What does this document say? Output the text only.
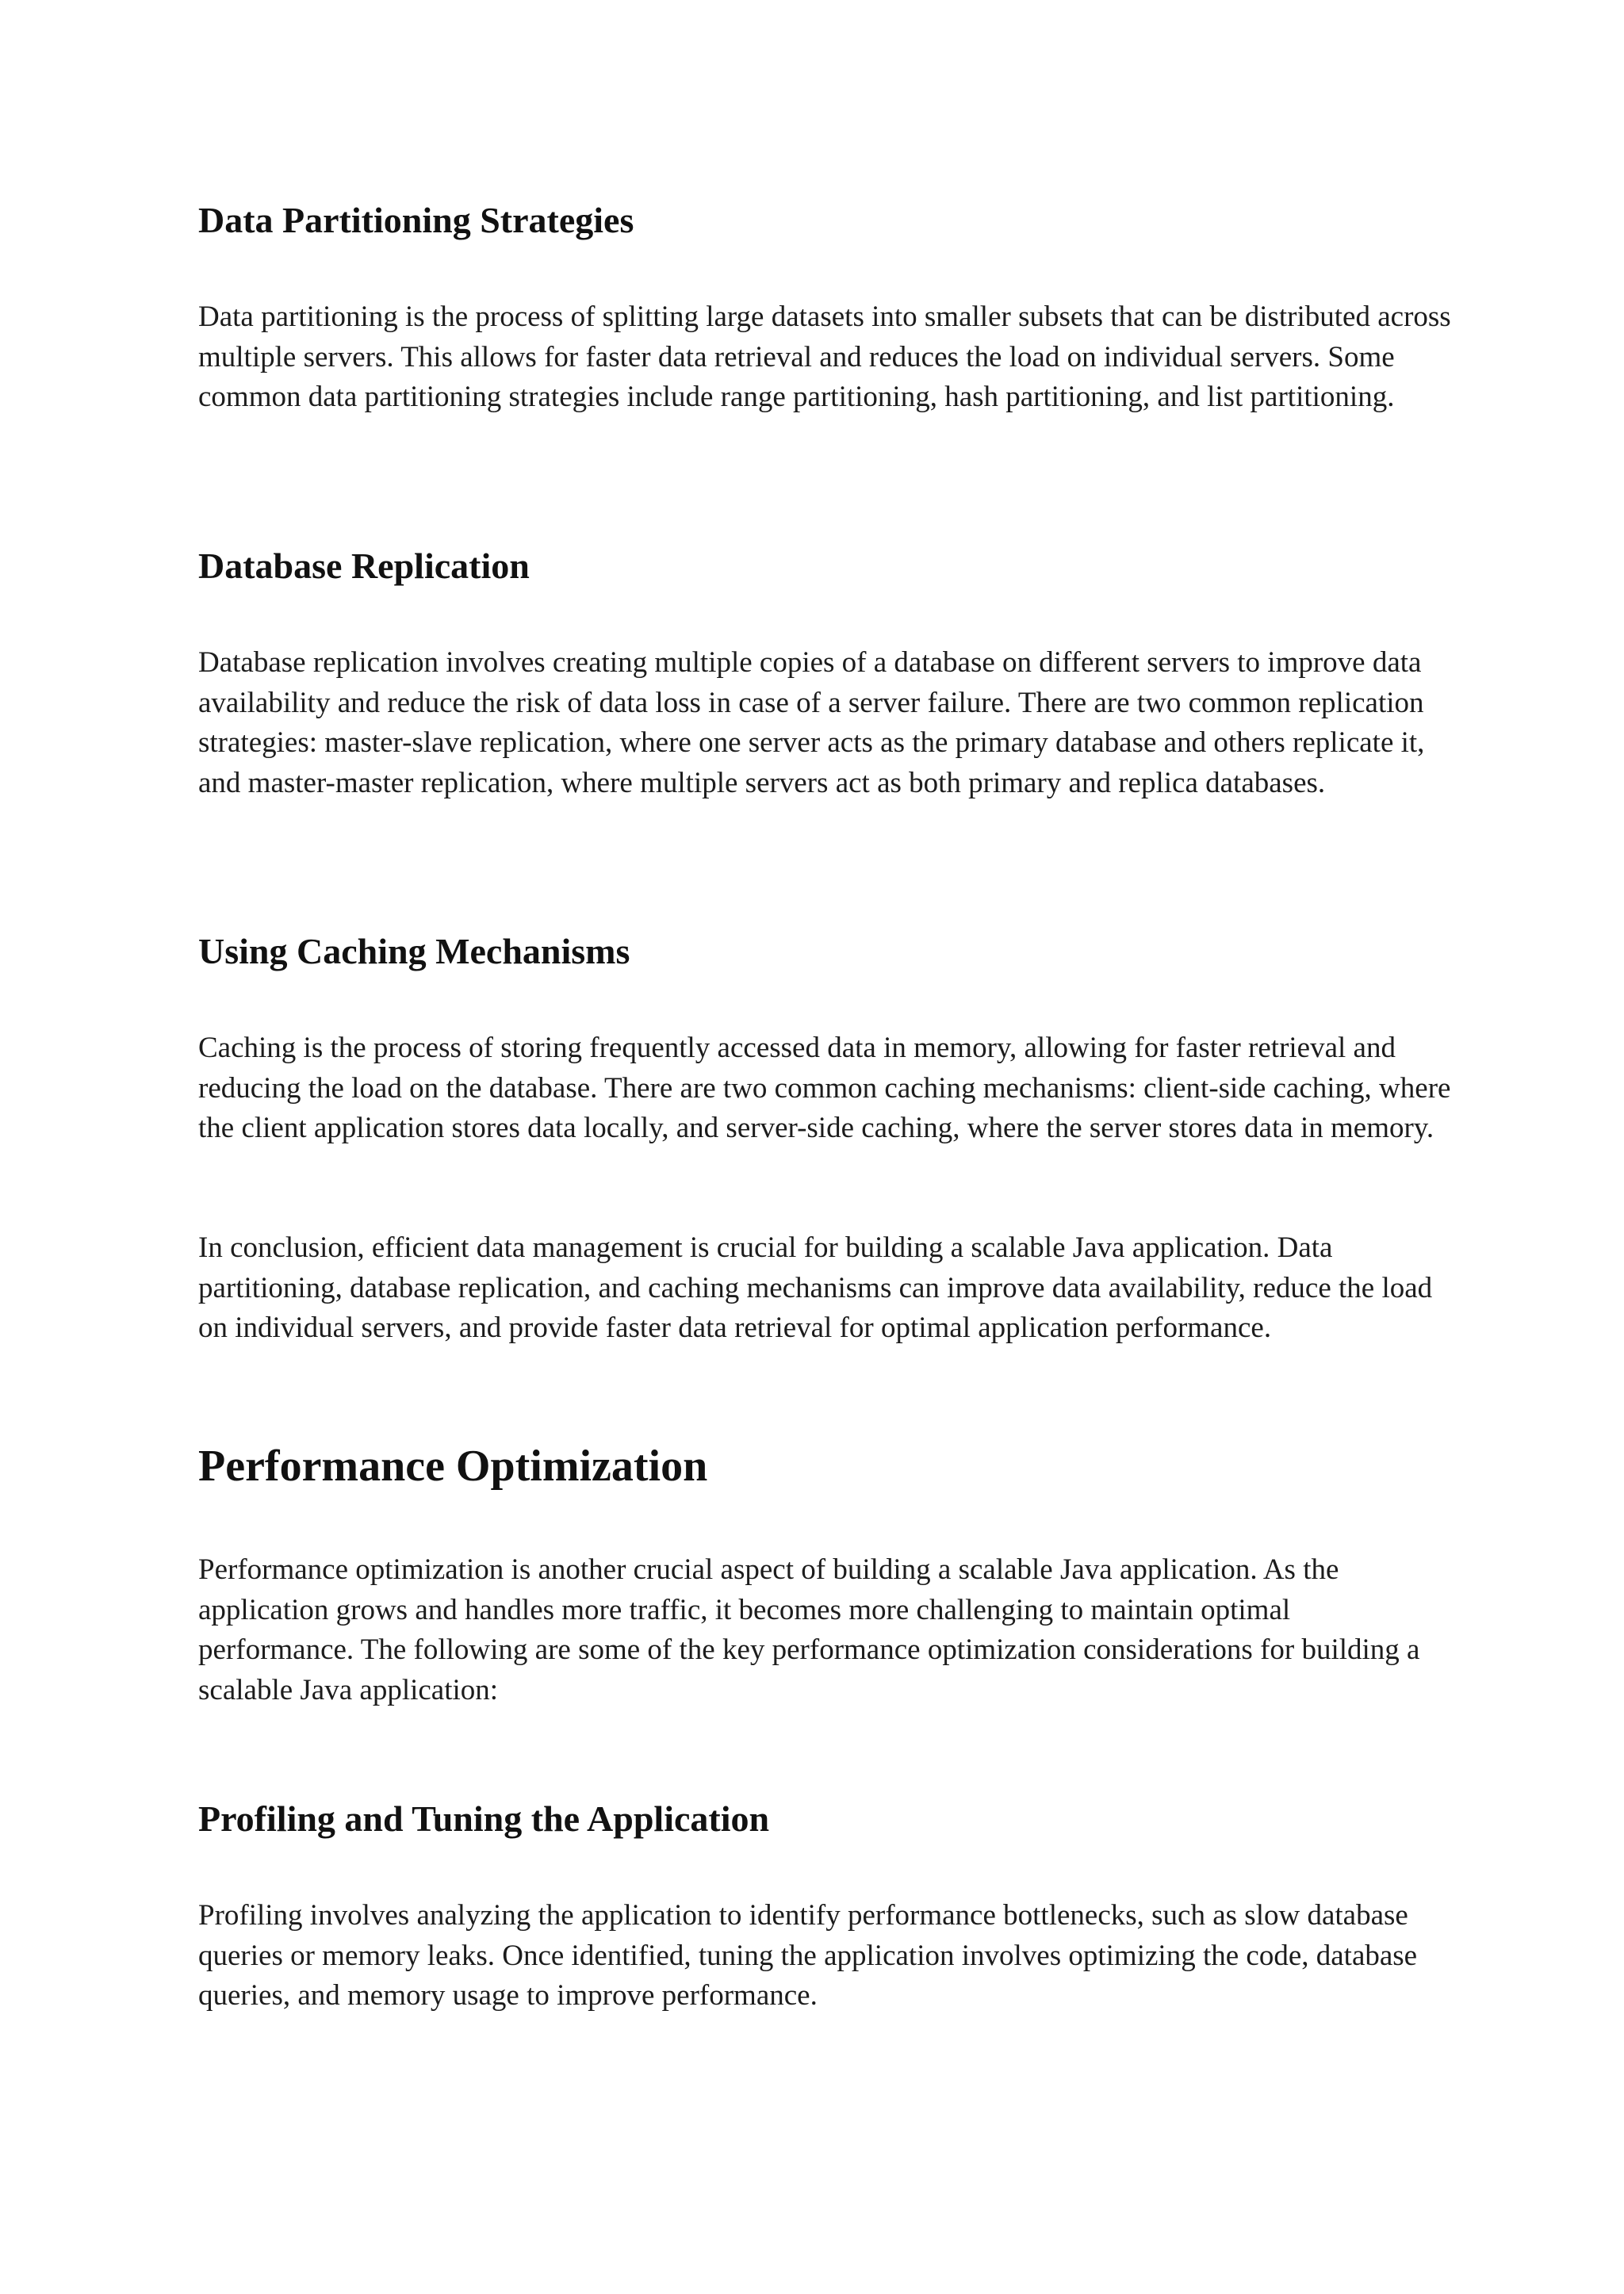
Data Partitioning Strategies

Data partitioning is the process of splitting large datasets into smaller subsets that can be distributed across multiple servers. This allows for faster data retrieval and reduces the load on individual servers. Some common data partitioning strategies include range partitioning, hash partitioning, and list partitioning.

Database Replication

Database replication involves creating multiple copies of a database on different servers to improve data availability and reduce the risk of data loss in case of a server failure. There are two common replication strategies: master-slave replication, where one server acts as the primary database and others replicate it, and master-master replication, where multiple servers act as both primary and replica databases.

Using Caching Mechanisms

Caching is the process of storing frequently accessed data in memory, allowing for faster retrieval and reducing the load on the database. There are two common caching mechanisms: client-side caching, where the client application stores data locally, and server-side caching, where the server stores data in memory.

In conclusion, efficient data management is crucial for building a scalable Java application. Data partitioning, database replication, and caching mechanisms can improve data availability, reduce the load on individual servers, and provide faster data retrieval for optimal application performance.

Performance Optimization

Performance optimization is another crucial aspect of building a scalable Java application. As the application grows and handles more traffic, it becomes more challenging to maintain optimal performance. The following are some of the key performance optimization considerations for building a scalable Java application:

Profiling and Tuning the Application

Profiling involves analyzing the application to identify performance bottlenecks, such as slow database queries or memory leaks. Once identified, tuning the application involves optimizing the code, database queries, and memory usage to improve performance.
